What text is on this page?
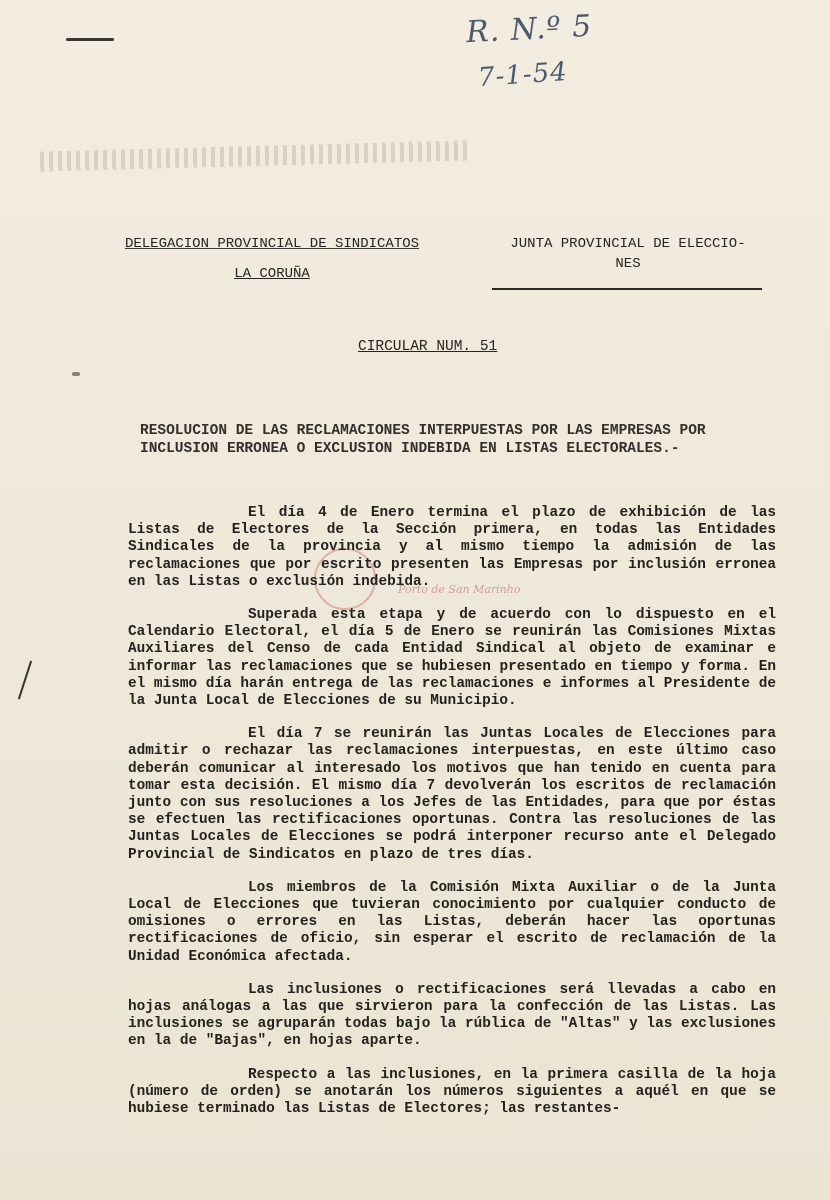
R. N.º 5
7-1-54
DELEGACION PROVINCIAL DE SINDICATOS
LA CORUÑA
JUNTA PROVINCIAL DE ELECCIO-
NES
CIRCULAR NUM. 51
RESOLUCION DE LAS RECLAMACIONES INTERPUESTAS POR LAS EMPRESAS POR INCLUSION ERRONEA O EXCLUSION INDEBIDA EN LISTAS ELECTORALES.-
Porto de San Marinho

El día 4 de Enero termina el plazo de exhibición de las Listas de Electores de la Sección primera, en todas las Entidades Sindicales de la provincia y al mismo tiempo la admisión de las reclamaciones que por escrito presenten las Empresas por inclusión erronea en las Listas o exclusión indebida.

Superada esta etapa y de acuerdo con lo dispuesto en el Calendario Electoral, el día 5 de Enero se reunirán las Comisiones Mixtas Auxiliares del Censo de cada Entidad Sindical al objeto de examinar e informar las reclamaciones que se hubiesen presentado en tiempo y forma. En el mismo día harán entrega de las reclamaciones e informes al Presidente de la Junta Local de Elecciones de su Municipio.

El día 7 se reunirán las Juntas Locales de Elecciones para admitir o rechazar las reclamaciones interpuestas, en este último caso deberán comunicar al interesado los motivos que han tenido en cuenta para tomar esta decisión. El mismo día 7 devolverán los escritos de reclamación junto con sus resoluciones a los Jefes de las Entidades, para que por éstas se efectuen las rectificaciones oportunas. Contra las resoluciones de las Juntas Locales de Elecciones se podrá interponer recurso ante el Delegado Provincial de Sindicatos en plazo de tres días.

Los miembros de la Comisión Mixta Auxiliar o de la Junta Local de Elecciones que tuvieran conocimiento por cualquier conducto de omisiones o errores en las Listas, deberán hacer las oportunas rectificaciones de oficio, sin esperar el escrito de reclamación de la Unidad Económica afectada.

Las inclusiones o rectificaciones será llevadas a cabo en hojas análogas a las que sirvieron para la confección de las Listas. Las inclusiones se agruparán todas bajo la rública de "Altas" y las exclusiones en la de "Bajas", en hojas aparte.

Respecto a las inclusiones, en la primera casilla de la hoja (número de orden) se anotarán los números siguientes a aquél en que se hubiese terminado las Listas de Electores; las restantes-
